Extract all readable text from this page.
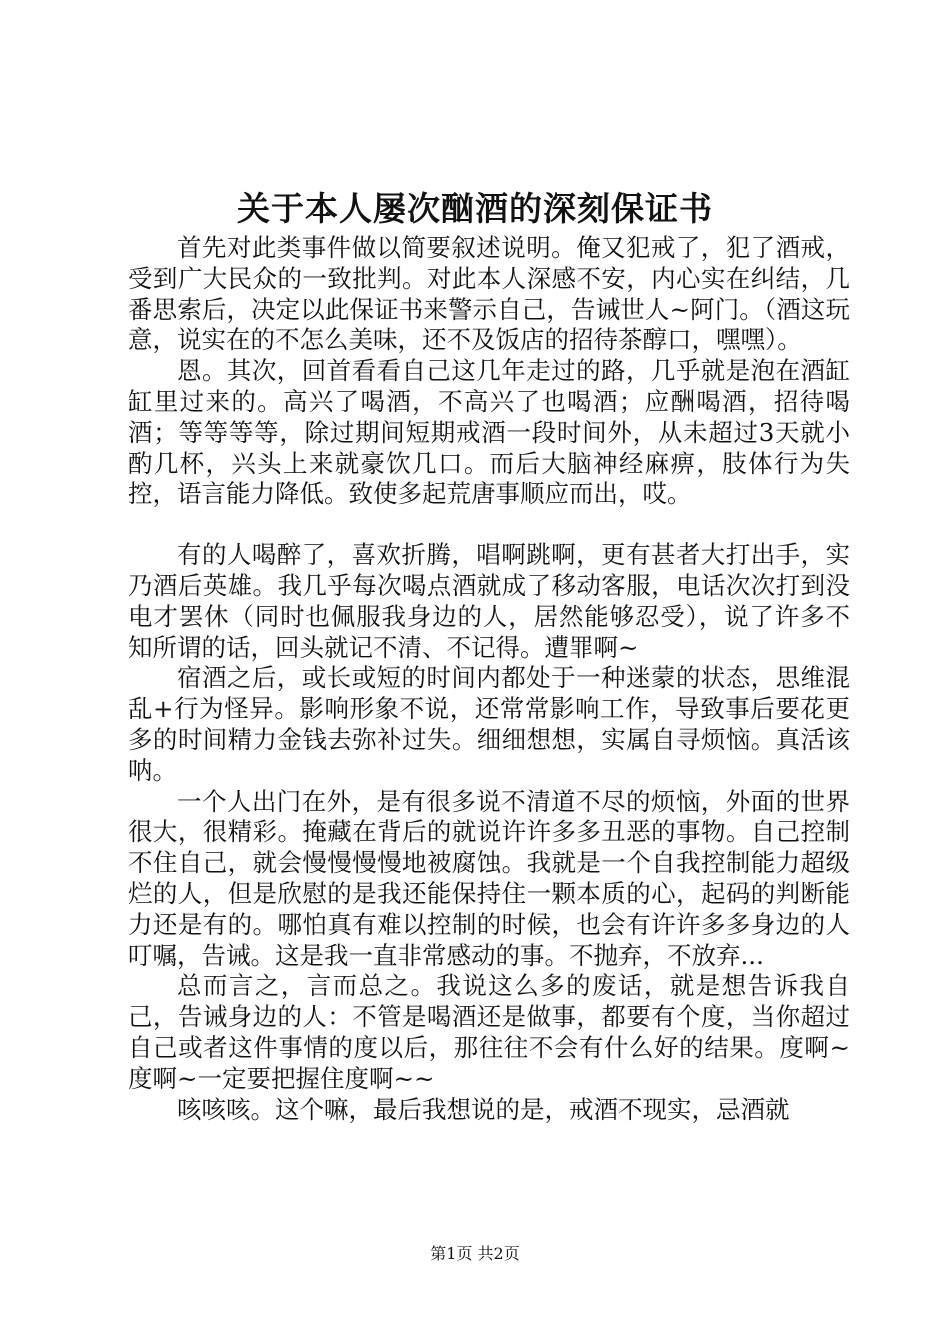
关于本人屡次酗酒的深刻保证书

首先对此类事件做以简要叙述说明。俺又犯戒了，犯了酒戒，受到广大民众的一致批判。对此本人深感不安，内心实在纠结，几番思索后，决定以此保证书来警示自己，告诫世人~阿门。（酒这玩意，说实在的不怎么美味，还不及饭店的招待茶醇口，嘿嘿）。

恩。其次，回首看看自己这几年走过的路，几乎就是泡在酒缸缸里过来的。高兴了喝酒，不高兴了也喝酒；应酬喝酒，招待喝酒；等等等等，除过期间短期戒酒一段时间外，从未超过3天就小酌几杯，兴头上来就豪饮几口。而后大脑神经麻痹，肢体行为失控，语言能力降低。致使多起荒唐事顺应而出，哎。

有的人喝醉了，喜欢折腾，唱啊跳啊，更有甚者大打出手，实乃酒后英雄。我几乎每次喝点酒就成了移动客服，电话次次打到没电才罢休（同时也佩服我身边的人，居然能够忍受），说了许多不知所谓的话，回头就记不清、不记得。遭罪啊~

宿酒之后，或长或短的时间内都处于一种迷蒙的状态，思维混乱+行为怪异。影响形象不说，还常常影响工作，导致事后要花更多的时间精力金钱去弥补过失。细细想想，实属自寻烦恼。真活该呐。

一个人出门在外，是有很多说不清道不尽的烦恼，外面的世界很大，很精彩。掩藏在背后的就说许许多多丑恶的事物。自己控制不住自己，就会慢慢慢慢地被腐蚀。我就是一个自我控制能力超级烂的人，但是欣慰的是我还能保持住一颗本质的心，起码的判断能力还是有的。哪怕真有难以控制的时候，也会有许许多多身边的人叮嘱，告诫。这是我一直非常感动的事。不抛弃，不放弃...

总而言之，言而总之。我说这么多的废话，就是想告诉我自己，告诫身边的人：不管是喝酒还是做事，都要有个度，当你超过自己或者这件事情的度以后，那往往不会有什么好的结果。度啊~度啊~一定要把握住度啊~~

咳咳咳。这个嘛，最后我想说的是，戒酒不现实，忌酒就

第1页 共2页
